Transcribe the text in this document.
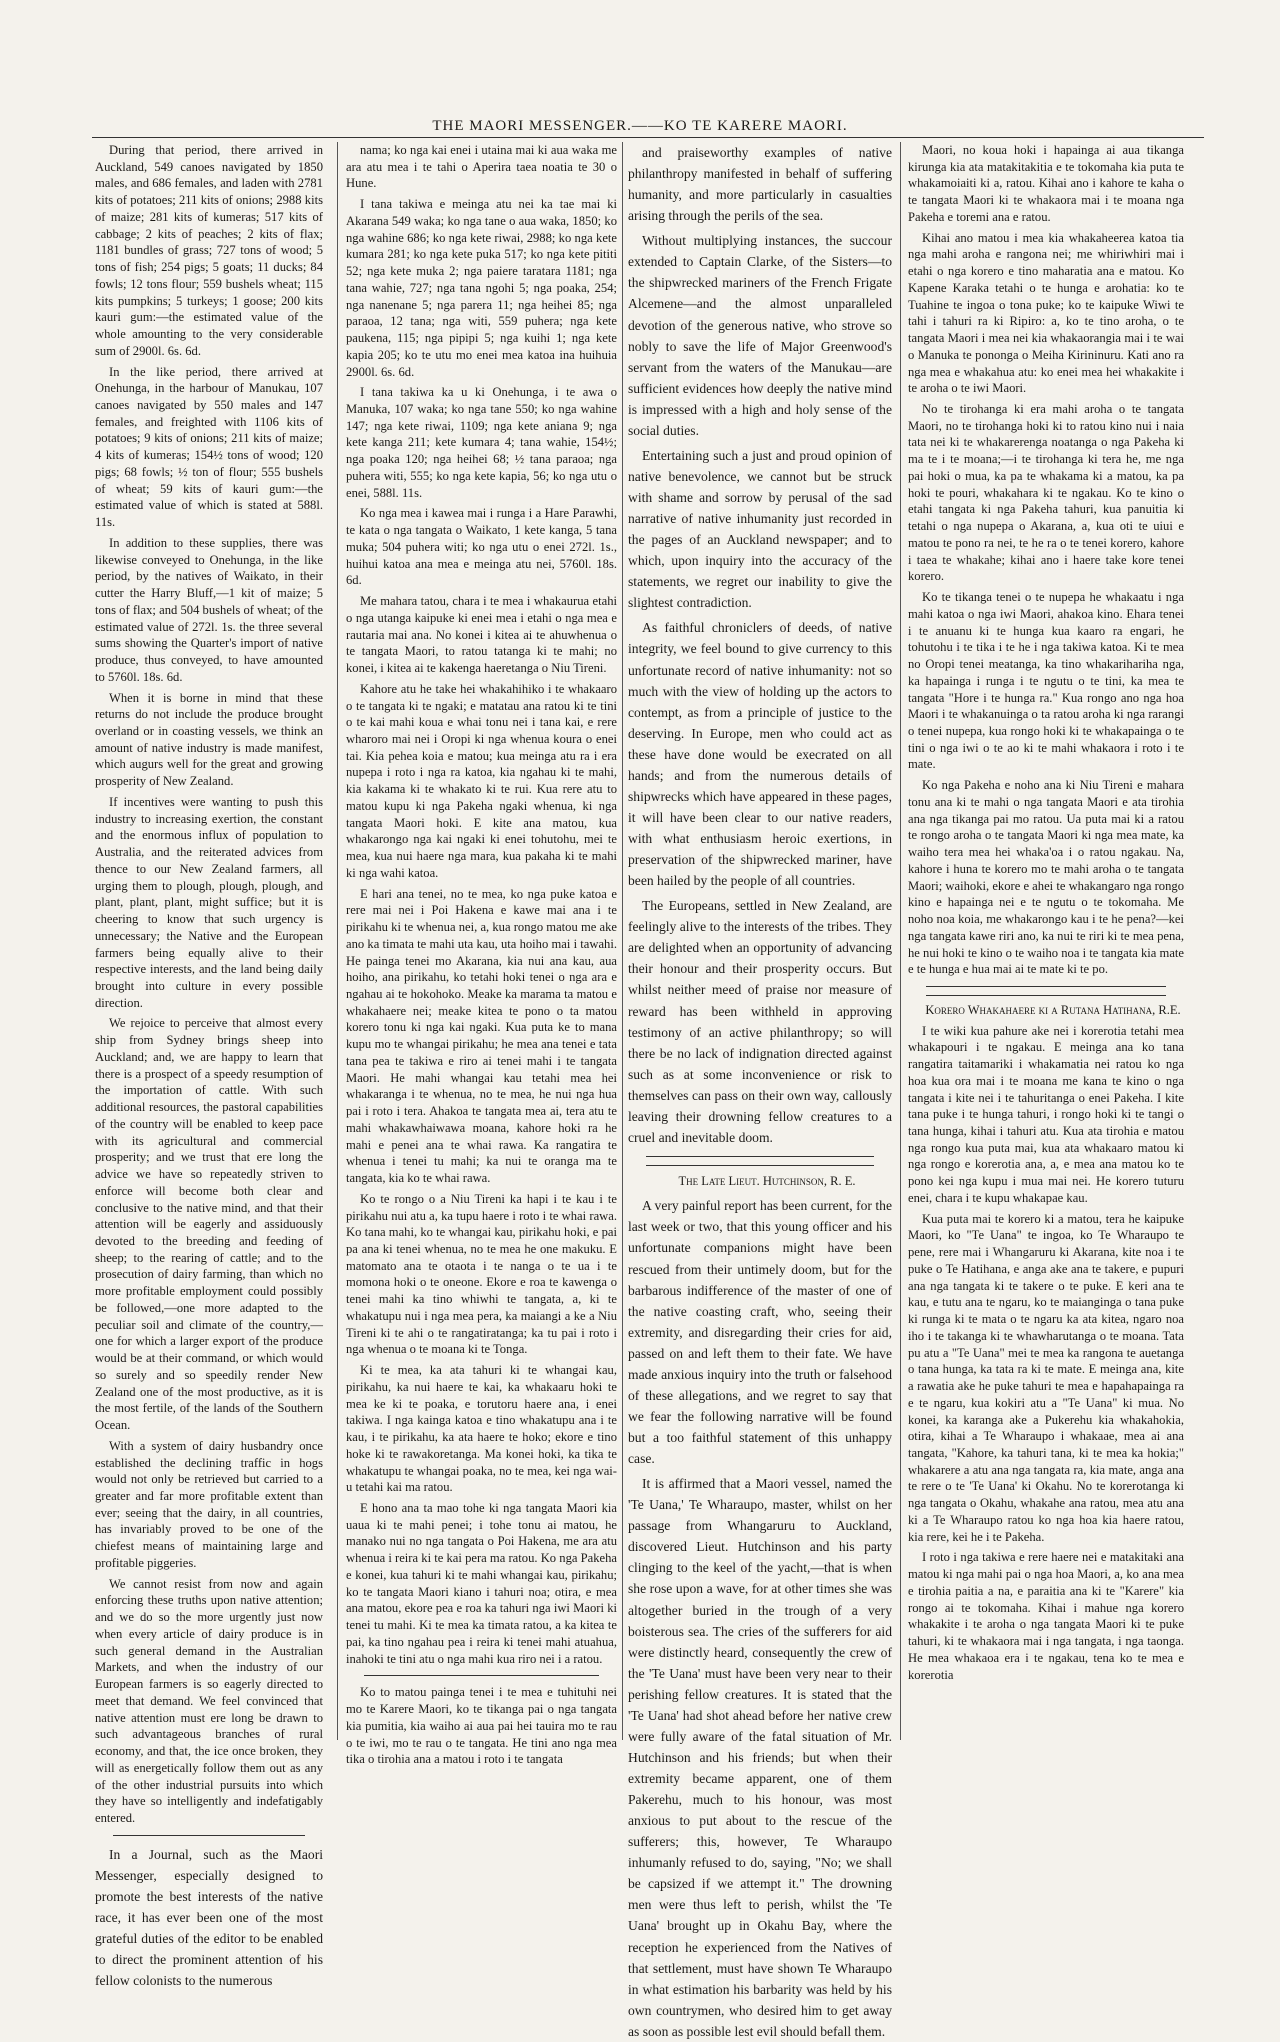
THE MAORI MESSENGER.——KO TE KARERE MAORI.

During that period, there arrived in Auckland, 549 canoes navigated by 1850 males, and 686 females, and laden with 2781 kits of potatoes; 211 kits of onions; 2988 kits of maize; 281 kits of kumeras; 517 kits of cabbage; 2 kits of peaches; 2 kits of flax; 1181 bundles of grass; 727 tons of wood; 5 tons of fish; 254 pigs; 5 goats; 11 ducks; 84 fowls; 12 tons flour; 559 bushels wheat; 115 kits pumpkins; 5 turkeys; 1 goose; 200 kits kauri gum:—the estimated value of the whole amounting to the very considerable sum of 2900l. 6s. 6d.

In the like period, there arrived at Onehunga, in the harbour of Manukau, 107 canoes navigated by 550 males and 147 females, and freighted with 1106 kits of potatoes; 9 kits of onions; 211 kits of maize; 4 kits of kumeras; 154½ tons of wood; 120 pigs; 68 fowls; ½ ton of flour; 555 bushels of wheat; 59 kits of kauri gum:—the estimated value of which is stated at 588l. 11s.

In addition to these supplies, there was likewise conveyed to Onehunga, in the like period, by the natives of Waikato, in their cutter the Harry Bluff,—1 kit of maize; 5 tons of flax; and 504 bushels of wheat; of the estimated value of 272l. 1s. the three several sums showing the Quarter's import of native produce, thus conveyed, to have amounted to 5760l. 18s. 6d.

When it is borne in mind that these returns do not include the produce brought overland or in coasting vessels, we think an amount of native industry is made manifest, which augurs well for the great and growing prosperity of New Zealand.

If incentives were wanting to push this industry to increasing exertion, the constant and the enormous influx of population to Australia, and the reiterated advices from thence to our New Zealand farmers, all urging them to plough, plough, plough, and plant, plant, plant, might suffice; but it is cheering to know that such urgency is unnecessary; the Native and the European farmers being equally alive to their respective interests, and the land being daily brought into culture in every possible direction.

We rejoice to perceive that almost every ship from Sydney brings sheep into Auckland; and, we are happy to learn that there is a prospect of a speedy resumption of the importation of cattle. With such additional resources, the pastoral capabilities of the country will be enabled to keep pace with its agricultural and commercial prosperity; and we trust that ere long the advice we have so repeatedly striven to enforce will become both clear and conclusive to the native mind, and that their attention will be eagerly and assiduously devoted to the breeding and feeding of sheep; to the rearing of cattle; and to the prosecution of dairy farming, than which no more profitable employment could possibly be followed,—one more adapted to the peculiar soil and climate of the country,—one for which a larger export of the produce would be at their command, or which would so surely and so speedily render New Zealand one of the most productive, as it is the most fertile, of the lands of the Southern Ocean.

With a system of dairy husbandry once established the declining traffic in hogs would not only be retrieved but carried to a greater and far more profitable extent than ever; seeing that the dairy, in all countries, has invariably proved to be one of the chiefest means of maintaining large and profitable piggeries.

We cannot resist from now and again enforcing these truths upon native attention; and we do so the more urgently just now when every article of dairy produce is in such general demand in the Australian Markets, and when the industry of our European farmers is so eagerly directed to meet that demand. We feel convinced that native attention must ere long be drawn to such advantageous branches of rural economy, and that, the ice once broken, they will as energetically follow them out as any of the other industrial pursuits into which they have so intelligently and indefatigably entered.

In a Journal, such as the Maori Messenger, especially designed to promote the best interests of the native race, it has ever been one of the most grateful duties of the editor to be enabled to direct the prominent attention of his fellow colonists to the numerous

nama; ko nga kai enei i utaina mai ki aua waka me ara atu mea i te tahi o Aperira taea noatia te 30 o Hune.

I tana takiwa e meinga atu nei ka tae mai ki Akarana 549 waka; ko nga tane o aua waka, 1850; ko nga wahine 686; ko nga kete riwai, 2988; ko nga kete kumara 281; ko nga kete puka 517; ko nga kete pititi 52; nga kete muka 2; nga paiere taratara 1181; nga tana wahie, 727; nga tana ngohi 5; nga poaka, 254; nga nanenane 5; nga parera 11; nga heihei 85; nga paraoa, 12 tana; nga witi, 559 puhera; nga kete paukena, 115; nga pipipi 5; nga kuihi 1; nga kete kapia 205; ko te utu mo enei mea katoa ina huihuia 2900l. 6s. 6d.

I tana takiwa ka u ki Onehunga, i te awa o Manuka, 107 waka; ko nga tane 550; ko nga wahine 147; nga kete riwai, 1109; nga kete aniana 9; nga kete kanga 211; kete kumara 4; tana wahie, 154½; nga poaka 120; nga heihei 68; ½ tana paraoa; nga puhera witi, 555; ko nga kete kapia, 56; ko nga utu o enei, 588l. 11s.

Ko nga mea i kawea mai i runga i a Hare Parawhi, te kata o nga tangata o Waikato, 1 kete kanga, 5 tana muka; 504 puhera witi; ko nga utu o enei 272l. 1s., huihui katoa ana mea e meinga atu nei, 5760l. 18s. 6d.

Me mahara tatou, chara i te mea i whakaurua etahi o nga utanga kaipuke ki enei mea i etahi o nga mea e rautaria mai ana. No konei i kitea ai te ahuwhenua o te tangata Maori, to ratou tatanga ki te mahi; no konei, i kitea ai te kakenga haeretanga o Niu Tireni.

Kahore atu he take hei whakahihiko i te whakaaro o te tangata ki te ngaki; e matatau ana ratou ki te tini o te kai mahi koua e whai tonu nei i tana kai, e rere wharoro mai nei i Oropi ki nga whenua koura o enei tai. Kia pehea koia e matou; kua meinga atu ra i era nupepa i roto i nga ra katoa, kia ngahau ki te mahi, kia kakama ki te whakato ki te rui. Kua rere atu to matou kupu ki nga Pakeha ngaki whenua, ki nga tangata Maori hoki. E kite ana matou, kua whakarongo nga kai ngaki ki enei tohutohu, mei te mea, kua nui haere nga mara, kua pakaha ki te mahi ki nga wahi katoa.

E hari ana tenei, no te mea, ko nga puke katoa e rere mai nei i Poi Hakena e kawe mai ana i te pirikahu ki te whenua nei, a, kua rongo matou me ake ano ka timata te mahi uta kau, uta hoiho mai i tawahi. He painga tenei mo Akarana, kia nui ana kau, aua hoiho, ana pirikahu, ko tetahi hoki tenei o nga ara e ngahau ai te hokohoko. Meake ka marama ta matou e whakahaere nei; meake kitea te pono o ta matou korero tonu ki nga kai ngaki. Kua puta ke to mana kupu mo te whangai pirikahu; he mea ana tenei e tata tana pea te takiwa e riro ai tenei mahi i te tangata Maori. He mahi whangai kau tetahi mea hei whakaranga i te whenua, no te mea, he nui nga hua pai i roto i tera. Ahakoa te tangata mea ai, tera atu te mahi whakawhaiwawa moana, kahore hoki ra he mahi e penei ana te whai rawa. Ka rangatira te whenua i tenei tu mahi; ka nui te oranga ma te tangata, kia ko te whai rawa.

Ko te rongo o a Niu Tireni ka hapi i te kau i te pirikahu nui atu a, ka tupu haere i roto i te whai rawa. Ko tana mahi, ko te whangai kau, pirikahu hoki, e pai pa ana ki tenei whenua, no te mea he one makuku. E matomato ana te otaota i te nanga o te ua i te momona hoki o te oneone. Ekore e roa te kawenga o tenei mahi ka tino whiwhi te tangata, a, ki te whakatupu nui i nga mea pera, ka maiangi a ke a Niu Tireni ki te ahi o te rangatiratanga; ka tu pai i roto i nga whenua o te moana ki te Tonga.

Ki te mea, ka ata tahuri ki te whangai kau, pirikahu, ka nui haere te kai, ka whakaaru hoki te mea ke ki te poaka, e torutoru haere ana, i enei takiwa. I nga kainga katoa e tino whakatupu ana i te kau, i te pirikahu, ka ata haere te hoko; ekore e tino hoke ki te rawakoretanga. Ma konei hoki, ka tika te whakatupu te whangai poaka, no te mea, kei nga wai-u tetahi kai ma ratou.

E hono ana ta mao tohe ki nga tangata Maori kia uaua ki te mahi penei; i tohe tonu ai matou, he manako nui no nga tangata o Poi Hakena, me ara atu whenua i reira ki te kai pera ma ratou. Ko nga Pakeha e konei, kua tahuri ki te mahi whangai kau, pirikahu; ko te tangata Maori kiano i tahuri noa; otira, e mea ana matou, ekore pea e roa ka tahuri nga iwi Maori ki tenei tu mahi. Ki te mea ka timata ratou, a ka kitea te pai, ka tino ngahau pea i reira ki tenei mahi atuahua, inahoki te tini atu o nga mahi kua riro nei i a ratou.

Ko to matou painga tenei i te mea e tuhituhi nei mo te Karere Maori, ko te tikanga pai o nga tangata kia pumitia, kia waiho ai aua pai hei tauira mo te rau o te iwi, mo te rau o te tangata. He tini ano nga mea tika o tirohia ana a matou i roto i te tangata

and praiseworthy examples of native philanthropy manifested in behalf of suffering humanity, and more particularly in casualties arising through the perils of the sea.

Without multiplying instances, the succour extended to Captain Clarke, of the Sisters—to the shipwrecked mariners of the French Frigate Alcemene—and the almost unparalleled devotion of the generous native, who strove so nobly to save the life of Major Greenwood's servant from the waters of the Manukau—are sufficient evidences how deeply the native mind is impressed with a high and holy sense of the social duties.

Entertaining such a just and proud opinion of native benevolence, we cannot but be struck with shame and sorrow by perusal of the sad narrative of native inhumanity just recorded in the pages of an Auckland newspaper; and to which, upon inquiry into the accuracy of the statements, we regret our inability to give the slightest contradiction.

As faithful chroniclers of deeds, of native integrity, we feel bound to give currency to this unfortunate record of native inhumanity: not so much with the view of holding up the actors to contempt, as from a principle of justice to the deserving. In Europe, men who could act as these have done would be execrated on all hands; and from the numerous details of shipwrecks which have appeared in these pages, it will have been clear to our native readers, with what enthusiasm heroic exertions, in preservation of the shipwrecked mariner, have been hailed by the people of all countries.

The Europeans, settled in New Zealand, are feelingly alive to the interests of the tribes. They are delighted when an opportunity of advancing their honour and their prosperity occurs. But whilst neither meed of praise nor measure of reward has been withheld in approving testimony of an active philanthropy; so will there be no lack of indignation directed against such as at some inconvenience or risk to themselves can pass on their own way, callously leaving their drowning fellow creatures to a cruel and inevitable doom.

The Late Lieut. Hutchinson, R. E.

A very painful report has been current, for the last week or two, that this young officer and his unfortunate companions might have been rescued from their untimely doom, but for the barbarous indifference of the master of one of the native coasting craft, who, seeing their extremity, and disregarding their cries for aid, passed on and left them to their fate. We have made anxious inquiry into the truth or falsehood of these allegations, and we regret to say that we fear the following narrative will be found but a too faithful statement of this unhappy case.

It is affirmed that a Maori vessel, named the 'Te Uana,' Te Wharaupo, master, whilst on her passage from Whangaruru to Auckland, discovered Lieut. Hutchinson and his party clinging to the keel of the yacht,—that is when she rose upon a wave, for at other times she was altogether buried in the trough of a very boisterous sea. The cries of the sufferers for aid were distinctly heard, consequently the crew of the 'Te Uana' must have been very near to their perishing fellow creatures. It is stated that the 'Te Uana' had shot ahead before her native crew were fully aware of the fatal situation of Mr. Hutchinson and his friends; but when their extremity became apparent, one of them Pakerehu, much to his honour, was most anxious to put about to the rescue of the sufferers; this, however, Te Wharaupo inhumanly refused to do, saying, "No; we shall be capsized if we attempt it." The drowning men were thus left to perish, whilst the 'Te Uana' brought up in Okahu Bay, where the reception he experienced from the Natives of that settlement, must have shown Te Wharaupo in what estimation his barbarity was held by his own countrymen, who desired him to get away as soon as possible lest evil should befall them.

Maori, no koua hoki i hapainga ai aua tikanga kirunga kia ata matakitakitia e te tokomaha kia puta te whakamoiaiti ki a, ratou. Kihai ano i kahore te kaha o te tangata Maori ki te whakaora mai i te moana nga Pakeha e toremi ana e ratou.

Kihai ano matou i mea kia whakaheerea katoa tia nga mahi aroha e rangona nei; me whiriwhiri mai i etahi o nga korero e tino maharatia ana e matou. Ko Kapene Karaka tetahi o te hunga e arohatia: ko te Tuahine te ingoa o tona puke; ko te kaipuke Wiwi te tahi i tahuri ra ki Ripiro: a, ko te tino aroha, o te tangata Maori i mea nei kia whakaorangia mai i te wai o Manuka te pononga o Meiha Kirininuru. Kati ano ra nga mea e whakahua atu: ko enei mea hei whakakite i te aroha o te iwi Maori.

No te tirohanga ki era mahi aroha o te tangata Maori, no te tirohanga hoki ki to ratou kino nui i naia tata nei ki te whakarerenga noatanga o nga Pakeha ki ma te i te moana;—i te tirohanga ki tera he, me nga pai hoki o mua, ka pa te whakama ki a matou, ka pa hoki te pouri, whakahara ki te ngakau. Ko te kino o etahi tangata ki nga Pakeha tahuri, kua panuitia ki tetahi o nga nupepa o Akarana, a, kua oti te uiui e matou te pono ra nei, te he ra o te tenei korero, kahore i taea te whakahe; kihai ano i haere take kore tenei korero.

Ko te tikanga tenei o te nupepa he whakaatu i nga mahi katoa o nga iwi Maori, ahakoa kino. Ehara tenei i te anuanu ki te hunga kua kaaro ra engari, he tohutohu i te tika i te he i nga takiwa katoa. Ki te mea no Oropi tenei meatanga, ka tino whakarihariha nga, ka hapainga i runga i te ngutu o te tini, ka mea te tangata "Hore i te hunga ra." Kua rongo ano nga hoa Maori i te whakanuinga o ta ratou aroha ki nga rarangi o tenei nupepa, kua rongo hoki ki te whakapainga o te tini o nga iwi o te ao ki te mahi whakaora i roto i te mate.

Ko nga Pakeha e noho ana ki Niu Tireni e mahara tonu ana ki te mahi o nga tangata Maori e ata tirohia ana nga tikanga pai mo ratou. Ua puta mai ki a ratou te rongo aroha o te tangata Maori ki nga mea mate, ka waiho tera mea hei whaka'oa i o ratou ngakau. Na, kahore i huna te korero mo te mahi aroha o te tangata Maori; waihoki, ekore e ahei te whakangaro nga rongo kino e hapainga nei e te ngutu o te tokomaha. Me noho noa koia, me whakarongo kau i te he pena?—kei nga tangata kawe riri ano, ka nui te riri ki te mea pena, he nui hoki te kino o te waiho noa i te tangata kia mate e te hunga e hua mai ai te mate ki te po.

Korero Whakahaere ki a Rutana Hatihana, R.E.

I te wiki kua pahure ake nei i korerotia tetahi mea whakapouri i te ngakau. E meinga ana ko tana rangatira taitamariki i whakamatia nei ratou ko nga hoa kua ora mai i te moana me kana te kino o nga tangata i kite nei i te tahuritanga o enei Pakeha. I kite tana puke i te hunga tahuri, i rongo hoki ki te tangi o tana hunga, kihai i tahuri atu. Kua ata tirohia e matou nga rongo kua puta mai, kua ata whakaaro matou ki nga rongo e korerotia ana, a, e mea ana matou ko te pono kei nga kupu i mua mai nei. He korero tuturu enei, chara i te kupu whakapae kau.

Kua puta mai te korero ki a matou, tera he kaipuke Maori, ko "Te Uana" te ingoa, ko Te Wharaupo te pene, rere mai i Whangaruru ki Akarana, kite noa i te puke o Te Hatihana, e anga ake ana te takere, e pupuri ana nga tangata ki te takere o te puke. E keri ana te kau, e tutu ana te ngaru, ko te maianginga o tana puke ki runga ki te mata o te ngaru ka ata kitea, ngaro noa iho i te takanga ki te whawharutanga o te moana. Tata pu atu a "Te Uana" mei te mea ka rangona te auetanga o tana hunga, ka tata ra ki te mate. E meinga ana, kite a rawatia ake he puke tahuri te mea e hapahapainga ra e te ngaru, kua kokiri atu a "Te Uana" ki mua. No konei, ka karanga ake a Pukerehu kia whakahokia, otira, kihai a Te Wharaupo i whakaae, mea ai ana tangata, "Kahore, ka tahuri tana, ki te mea ka hokia;" whakarere a atu ana nga tangata ra, kia mate, anga ana te rere o te 'Te Uana' ki Okahu. No te korerotanga ki nga tangata o Okahu, whakahe ana ratou, mea atu ana ki a Te Wharaupo ratou ko nga hoa kia haere ratou, kia rere, kei he i te Pakeha.

I roto i nga takiwa e rere haere nei e matakitaki ana matou ki nga mahi pai o nga hoa Maori, a, ko ana mea e tirohia paitia a na, e paraitia ana ki te "Karere" kia rongo ai te tokomaha. Kihai i mahue nga korero whakakite i te aroha o nga tangata Maori ki te puke tahuri, ki te whakaora mai i nga tangata, i nga taonga. He mea whakaoa era i te ngakau, tena ko te mea e korerotia
